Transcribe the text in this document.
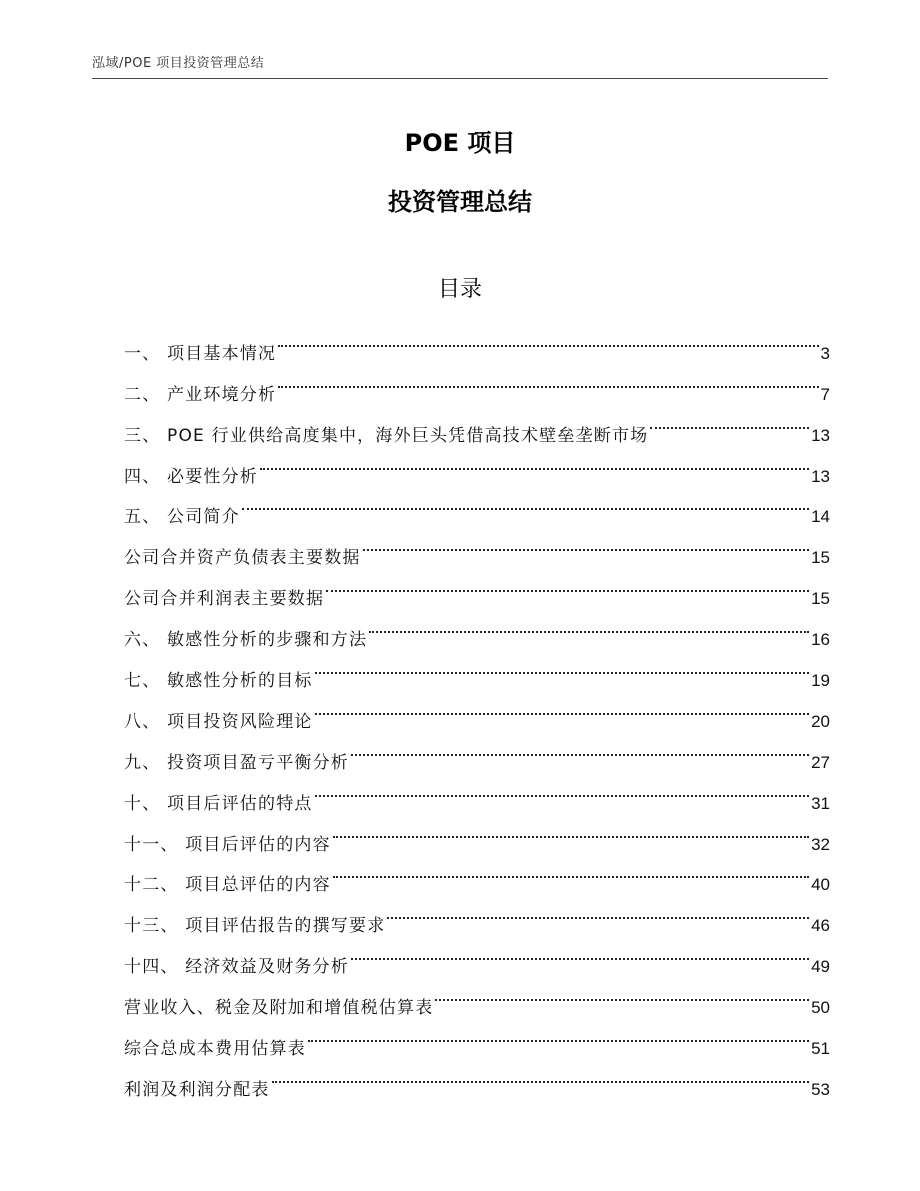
泓域/POE 项目投资管理总结
POE 项目
投资管理总结
目录
一、 项目基本情况	3
二、 产业环境分析	7
三、 POE 行业供给高度集中，海外巨头凭借高技术壁垒垄断市场	13
四、 必要性分析	13
五、 公司简介	14
公司合并资产负债表主要数据	15
公司合并利润表主要数据	15
六、 敏感性分析的步骤和方法	16
七、 敏感性分析的目标	19
八、 项目投资风险理论	20
九、 投资项目盈亏平衡分析	27
十、 项目后评估的特点	31
十一、 项目后评估的内容	32
十二、 项目总评估的内容	40
十三、 项目评估报告的撰写要求	46
十四、 经济效益及财务分析	49
营业收入、税金及附加和增值税估算表	50
综合总成本费用估算表	51
利润及利润分配表	53
